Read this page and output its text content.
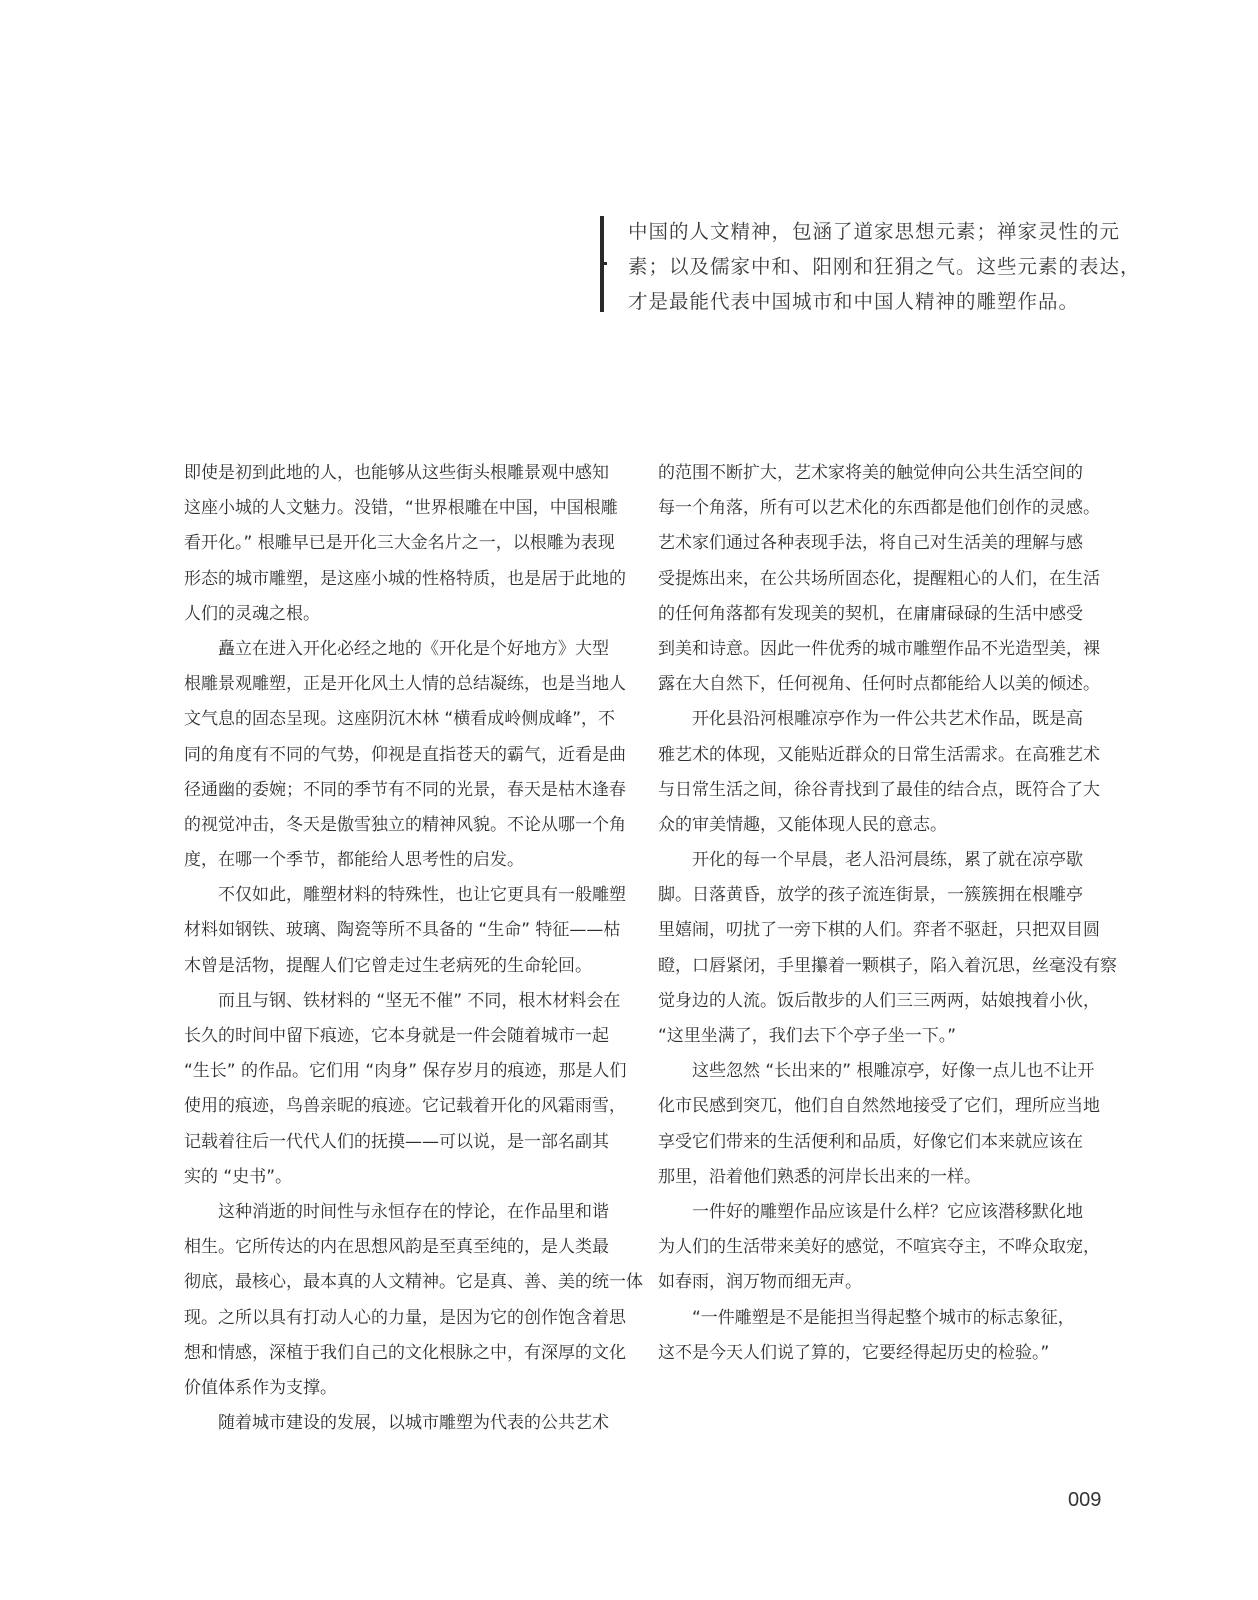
中国的人文精神，包涵了道家思想元素；禅家灵性的元
素；以及儒家中和、阳刚和狂狷之气。这些元素的表达，
才是最能代表中国城市和中国人精神的雕塑作品。
即使是初到此地的人，也能够从这些街头根雕景观中感知
这座小城的人文魅力。没错，“世界根雕在中国，中国根雕
看开化。” 根雕早已是开化三大金名片之一，以根雕为表现
形态的城市雕塑，是这座小城的性格特质，也是居于此地的
人们的灵魂之根。
矗立在进入开化必经之地的《开化是个好地方》大型
根雕景观雕塑，正是开化风土人情的总结凝练，也是当地人
文气息的固态呈现。这座阴沉木林 “横看成岭侧成峰”，不
同的角度有不同的气势，仰视是直指苍天的霸气，近看是曲
径通幽的委婉；不同的季节有不同的光景，春天是枯木逢春
的视觉冲击，冬天是傲雪独立的精神风貌。不论从哪一个角
度，在哪一个季节，都能给人思考性的启发。
不仅如此，雕塑材料的特殊性，也让它更具有一般雕塑
材料如钢铁、玻璃、陶瓷等所不具备的 “生命” 特征——枯
木曾是活物，提醒人们它曾走过生老病死的生命轮回。
而且与钢、铁材料的 “坚无不催” 不同，根木材料会在
长久的时间中留下痕迹，它本身就是一件会随着城市一起
“生长” 的作品。它们用 “肉身” 保存岁月的痕迹，那是人们
使用的痕迹，鸟兽亲昵的痕迹。它记载着开化的风霜雨雪，
记载着往后一代代人们的抚摸——可以说，是一部名副其
实的 “史书”。
这种消逝的时间性与永恒存在的悖论，在作品里和谐
相生。它所传达的内在思想风韵是至真至纯的，是人类最
彻底，最核心，最本真的人文精神。它是真、善、美的统一体
现。之所以具有打动人心的力量，是因为它的创作饱含着思
想和情感，深植于我们自己的文化根脉之中，有深厚的文化
价值体系作为支撑。
随着城市建设的发展，以城市雕塑为代表的公共艺术
的范围不断扩大，艺术家将美的触觉伸向公共生活空间的
每一个角落，所有可以艺术化的东西都是他们创作的灵感。
艺术家们通过各种表现手法，将自己对生活美的理解与感
受提炼出来，在公共场所固态化，提醒粗心的人们，在生活
的任何角落都有发现美的契机，在庸庸碌碌的生活中感受
到美和诗意。因此一件优秀的城市雕塑作品不光造型美，裸
露在大自然下，任何视角、任何时点都能给人以美的倾述。
开化县沿河根雕凉亭作为一件公共艺术作品，既是高
雅艺术的体现，又能贴近群众的日常生活需求。在高雅艺术
与日常生活之间，徐谷青找到了最佳的结合点，既符合了大
众的审美情趣，又能体现人民的意志。
开化的每一个早晨，老人沿河晨练，累了就在凉亭歇
脚。日落黄昏，放学的孩子流连街景，一簇簇拥在根雕亭
里嬉闹，叨扰了一旁下棋的人们。弈者不驱赶，只把双目圆
瞪，口唇紧闭，手里攥着一颗棋子，陷入着沉思，丝毫没有察
觉身边的人流。饭后散步的人们三三两两，姑娘拽着小伙，
“这里坐满了，我们去下个亭子坐一下。”
这些忽然 “长出来的” 根雕凉亭，好像一点儿也不让开
化市民感到突兀，他们自自然然地接受了它们，理所应当地
享受它们带来的生活便利和品质，好像它们本来就应该在
那里，沿着他们熟悉的河岸长出来的一样。
一件好的雕塑作品应该是什么样？它应该潜移默化地
为人们的生活带来美好的感觉，不喧宾夺主，不哗众取宠，
如春雨，润万物而细无声。
“一件雕塑是不是能担当得起整个城市的标志象征，
这不是今天人们说了算的，它要经得起历史的检验。”
009
